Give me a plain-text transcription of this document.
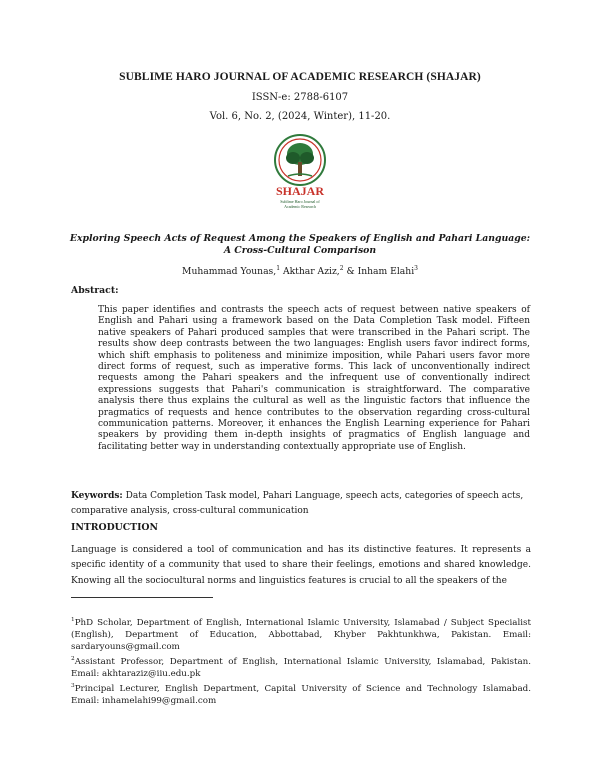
SUBLIME HARO JOURNAL OF ACADEMIC RESEARCH (SHAJAR)
ISSN-e: 2788-6107
Vol. 6, No. 2, (2024, Winter), 11-20.
SHAJAR
Sublime Haro Journal of
Academic Research
Exploring Speech Acts of Request Among the Speakers of English and Pahari Language:
A Cross-Cultural Comparison
Muhammad Younas,$^1$ Akthar Aziz,$^2$ & Inham Elahi$^3$
Abstract:
This paper identifies and contrasts the speech acts of request between native speakers of English and Pahari using a framework based on the Data Completion Task model. Fifteen native speakers of Pahari produced samples that were transcribed in the Pahari script. The results show deep contrasts between the two languages: English users favor indirect forms, which shift emphasis to politeness and minimize imposition, while Pahari users favor more direct forms of request, such as imperative forms. This lack of unconventionally indirect requests among the Pahari speakers and the infrequent use of conventionally indirect expressions suggests that Pahari's communication is straightforward. The comparative analysis there thus explains the cultural as well as the linguistic factors that influence the pragmatics of requests and hence contributes to the observation regarding cross-cultural communication patterns. Moreover, it enhances the English Learning experience for Pahari speakers by providing them in-depth insights of pragmatics of English language and facilitating better way in understanding contextually appropriate use of English.
Keywords: Data Completion Task model, Pahari Language, speech acts, categories of speech acts, comparative analysis, cross-cultural communication
INTRODUCTION
Language is considered a tool of communication and has its distinctive features. It represents a specific identity of a community that used to share their feelings, emotions and shared knowledge. Knowing all the sociocultural norms and linguistics features is crucial to all the speakers of the
$^1$PhD Scholar, Department of English, International Islamic University, Islamabad / Subject Specialist (English), Department of Education, Abbottabad, Khyber Pakhtunkhwa, Pakistan. Email: sardaryouns@gmail.com
$^2$Assistant Professor, Department of English, International Islamic University, Islamabad, Pakistan. Email: akhtaraziz@iiu.edu.pk
$^3$Principal Lecturer, English Department, Capital University of Science and Technology Islamabad. Email: inhamelahi99@gmail.com
